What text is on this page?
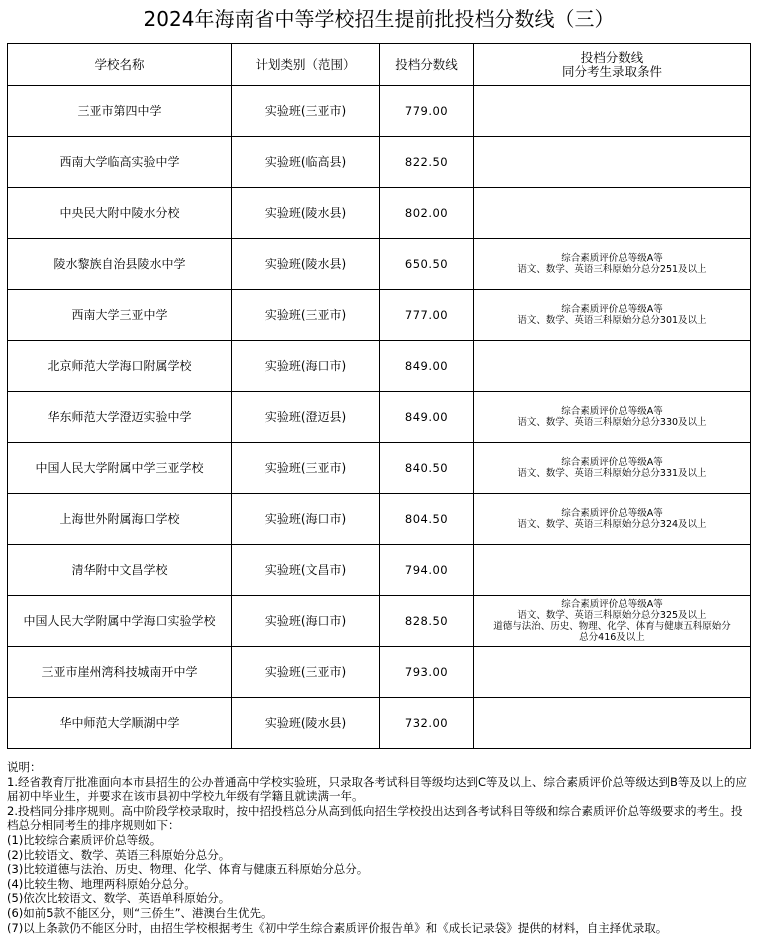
2024年海南省中等学校招生提前批投档分数线（三）
学校名称	计划类别（范围）	投档分数线	投档分数线
同分考生录取条件

三亚市第四中学	实验班(三亚市)	779.00	
西南大学临高实验中学	实验班(临高县)	822.50	
中央民大附中陵水分校	实验班(陵水县)	802.00	
陵水黎族自治县陵水中学	实验班(陵水县)	650.50	综合素质评价总等级A等
语文、数学、英语三科原始分总分251及以上

西南大学三亚中学	实验班(三亚市)	777.00	综合素质评价总等级A等
语文、数学、英语三科原始分总分301及以上

北京师范大学海口附属学校	实验班(海口市)	849.00	
华东师范大学澄迈实验中学	实验班(澄迈县)	849.00	综合素质评价总等级A等
语文、数学、英语三科原始分总分330及以上

中国人民大学附属中学三亚学校	实验班(三亚市)	840.50	综合素质评价总等级A等
语文、数学、英语三科原始分总分331及以上

上海世外附属海口学校	实验班(海口市)	804.50	综合素质评价总等级A等
语文、数学、英语三科原始分总分324及以上

清华附中文昌学校	实验班(文昌市)	794.00	
中国人民大学附属中学海口实验学校	实验班(海口市)	828.50	综合素质评价总等级A等
语文、数学、英语三科原始分总分325及以上
道德与法治、历史、物理、化学、体育与健康五科原始分
总分416及以上

三亚市崖州湾科技城南开中学	实验班(三亚市)	793.00	
华中师范大学顺湖中学	实验班(陵水县)	732.00	

说明：

1.经省教育厅批准面向本市县招生的公办普通高中学校实验班，只录取各考试科目等级均达到C等及以上、综合素质评价总等级达到B等及以上的应届初中毕业生，并要求在该市县初中学校九年级有学籍且就读满一年。

2.投档同分排序规则。高中阶段学校录取时，按中招投档总分从高到低向招生学校投出达到各考试科目等级和综合素质评价总等级要求的考生。投档总分相同考生的排序规则如下：

(1)比较综合素质评价总等级。

(2)比较语文、数学、英语三科原始分总分。

(3)比较道德与法治、历史、物理、化学、体育与健康五科原始分总分。

(4)比较生物、地理两科原始分总分。

(5)依次比较语文、数学、英语单科原始分。

(6)如前5款不能区分，则“三侨生”、港澳台生优先。

(7)以上条款仍不能区分时，由招生学校根据考生《初中学生综合素质评价报告单》和《成长记录袋》提供的材料，自主择优录取。
